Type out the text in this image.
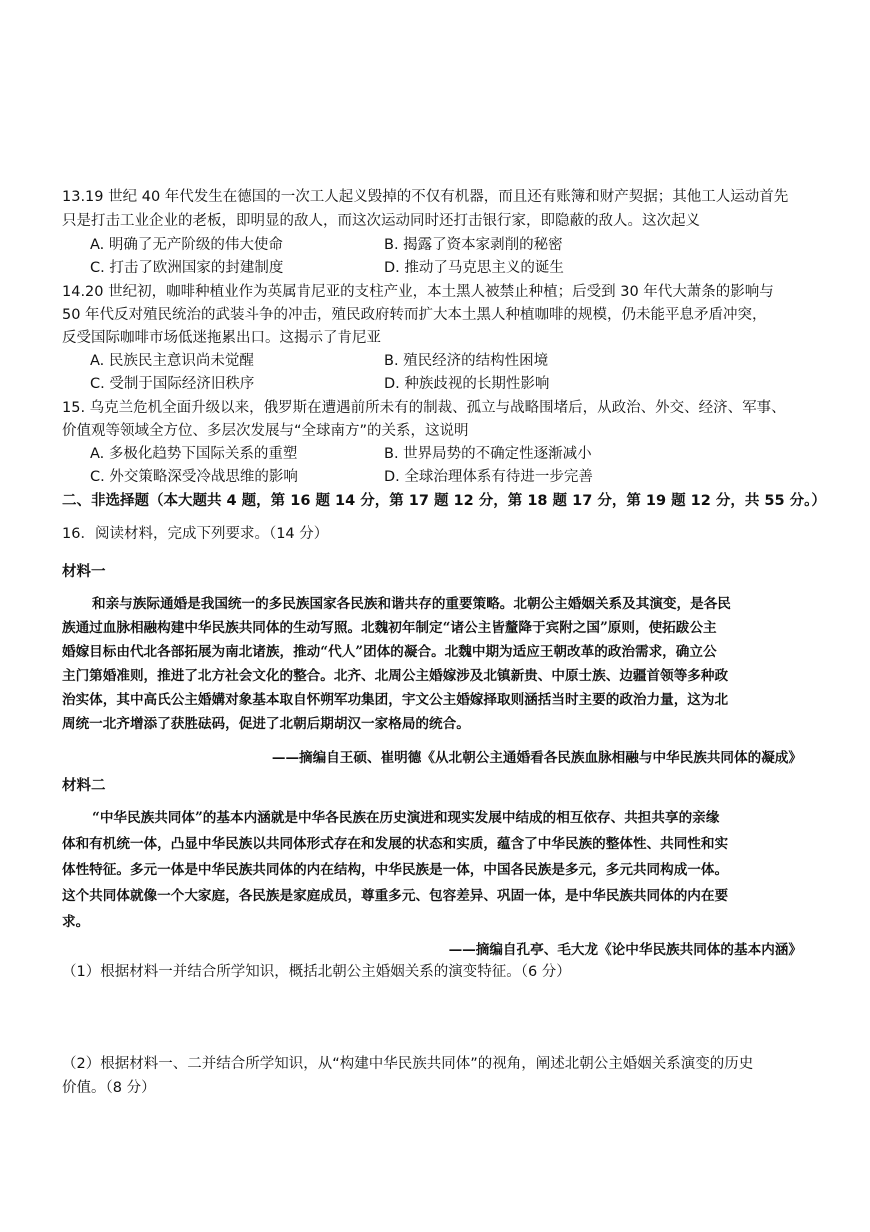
13.19 世纪 40 年代发生在德国的一次工人起义毁掉的不仅有机器，而且还有账簿和财产契据；其他工人运动首先
只是打击工业企业的老板，即明显的敌人，而这次运动同时还打击银行家，即隐蔽的敌人。这次起义
A. 明确了无产阶级的伟大使命	B. 揭露了资本家剥削的秘密
C. 打击了欧洲国家的封建制度	D. 推动了马克思主义的诞生
14.20 世纪初，咖啡种植业作为英属肯尼亚的支柱产业，本土黑人被禁止种植；后受到 30 年代大萧条的影响与
50 年代反对殖民统治的武装斗争的冲击，殖民政府转而扩大本土黑人种植咖啡的规模，仍未能平息矛盾冲突，
反受国际咖啡市场低迷拖累出口。这揭示了肯尼亚
A. 民族民主意识尚未觉醒	B. 殖民经济的结构性困境
C. 受制于国际经济旧秩序	D. 种族歧视的长期性影响
15. 乌克兰危机全面升级以来，俄罗斯在遭遇前所未有的制裁、孤立与战略围堵后，从政治、外交、经济、军事、
价值观等领域全方位、多层次发展与“全球南方”的关系，这说明
A. 多极化趋势下国际关系的重塑	B. 世界局势的不确定性逐渐减小
C. 外交策略深受冷战思维的影响	D. 全球治理体系有待进一步完善
二、非选择题（本大题共 4 题，第 16 题 14 分，第 17 题 12 分，第 18 题 17 分，第 19 题 12 分，共 55 分。）
16．阅读材料，完成下列要求。（14 分）
材料一
和亲与族际通婚是我国统一的多民族国家各民族和谐共存的重要策略。北朝公主婚姻关系及其演变，是各民
族通过血脉相融构建中华民族共同体的生动写照。北魏初年制定“诸公主皆釐降于宾附之国”原则，使拓跋公主
婚嫁目标由代北各部拓展为南北诸族，推动“代人”团体的凝合。北魏中期为适应王朝改革的政治需求，确立公
主门第婚准则，推进了北方社会文化的整合。北齐、北周公主婚嫁涉及北镇新贵、中原士族、边疆首领等多种政
治实体，其中高氏公主婚媾对象基本取自怀朔军功集团，宇文公主婚嫁择取则涵括当时主要的政治力量，这为北
周统一北齐增添了获胜砝码，促进了北朝后期胡汉一家格局的统合。
——摘编自王硕、崔明德《从北朝公主通婚看各民族血脉相融与中华民族共同体的凝成》
材料二
“中华民族共同体”的基本内涵就是中华各民族在历史演进和现实发展中结成的相互依存、共担共享的亲缘
体和有机统一体，凸显中华民族以共同体形式存在和发展的状态和实质，蕴含了中华民族的整体性、共同性和实
体性特征。多元一体是中华民族共同体的内在结构，中华民族是一体，中国各民族是多元，多元共同构成一体。
这个共同体就像一个大家庭，各民族是家庭成员，尊重多元、包容差异、巩固一体，是中华民族共同体的内在要
求。
——摘编自孔亭、毛大龙《论中华民族共同体的基本内涵》
（1）根据材料一并结合所学知识，概括北朝公主婚姻关系的演变特征。（6 分）
（2）根据材料一、二并结合所学知识，从“构建中华民族共同体”的视角，阐述北朝公主婚姻关系演变的历史
价值。（8 分）
